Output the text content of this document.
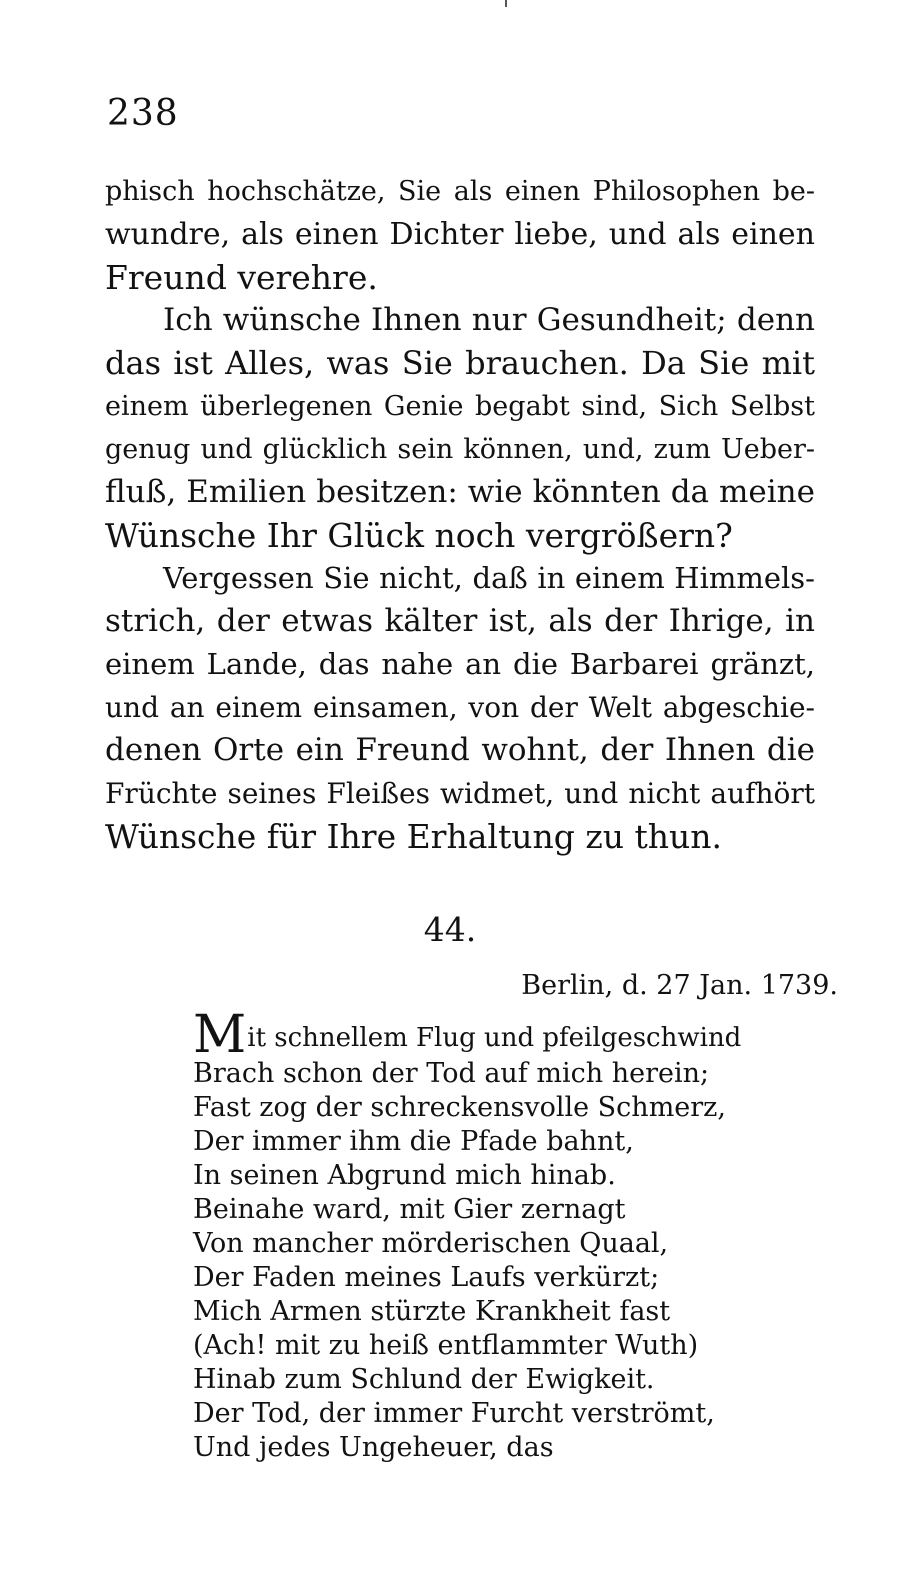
238
phisch hochschätze, Sie als einen Philosophen be-
wundre, als einen Dichter liebe, und als einen
Freund verehre.
Ich wünsche Ihnen nur Gesundheit; denn
das ist Alles, was Sie brauchen. Da Sie mit
einem überlegenen Genie begabt sind, Sich Selbst
genug und glücklich sein können, und, zum Ueber-
fluß, Emilien besitzen: wie könnten da meine
Wünsche Ihr Glück noch vergrößern?
Vergessen Sie nicht, daß in einem Himmels-
strich, der etwas kälter ist, als der Ihrige, in
einem Lande, das nahe an die Barbarei gränzt,
und an einem einsamen, von der Welt abgeschie-
denen Orte ein Freund wohnt, der Ihnen die
Früchte seines Fleißes widmet, und nicht aufhört
Wünsche für Ihre Erhaltung zu thun.
44.
Berlin, d. 27 Jan. 1739.
Mit schnellem Flug und pfeilgeschwind
Brach schon der Tod auf mich herein;
Fast zog der schreckensvolle Schmerz,
Der immer ihm die Pfade bahnt,
In seinen Abgrund mich hinab.
Beinahe ward, mit Gier zernagt
Von mancher mörderischen Quaal,
Der Faden meines Laufs verkürzt;
Mich Armen stürzte Krankheit fast
(Ach! mit zu heiß entflammter Wuth)
Hinab zum Schlund der Ewigkeit.
Der Tod, der immer Furcht verströmt,
Und jedes Ungeheuer, das
